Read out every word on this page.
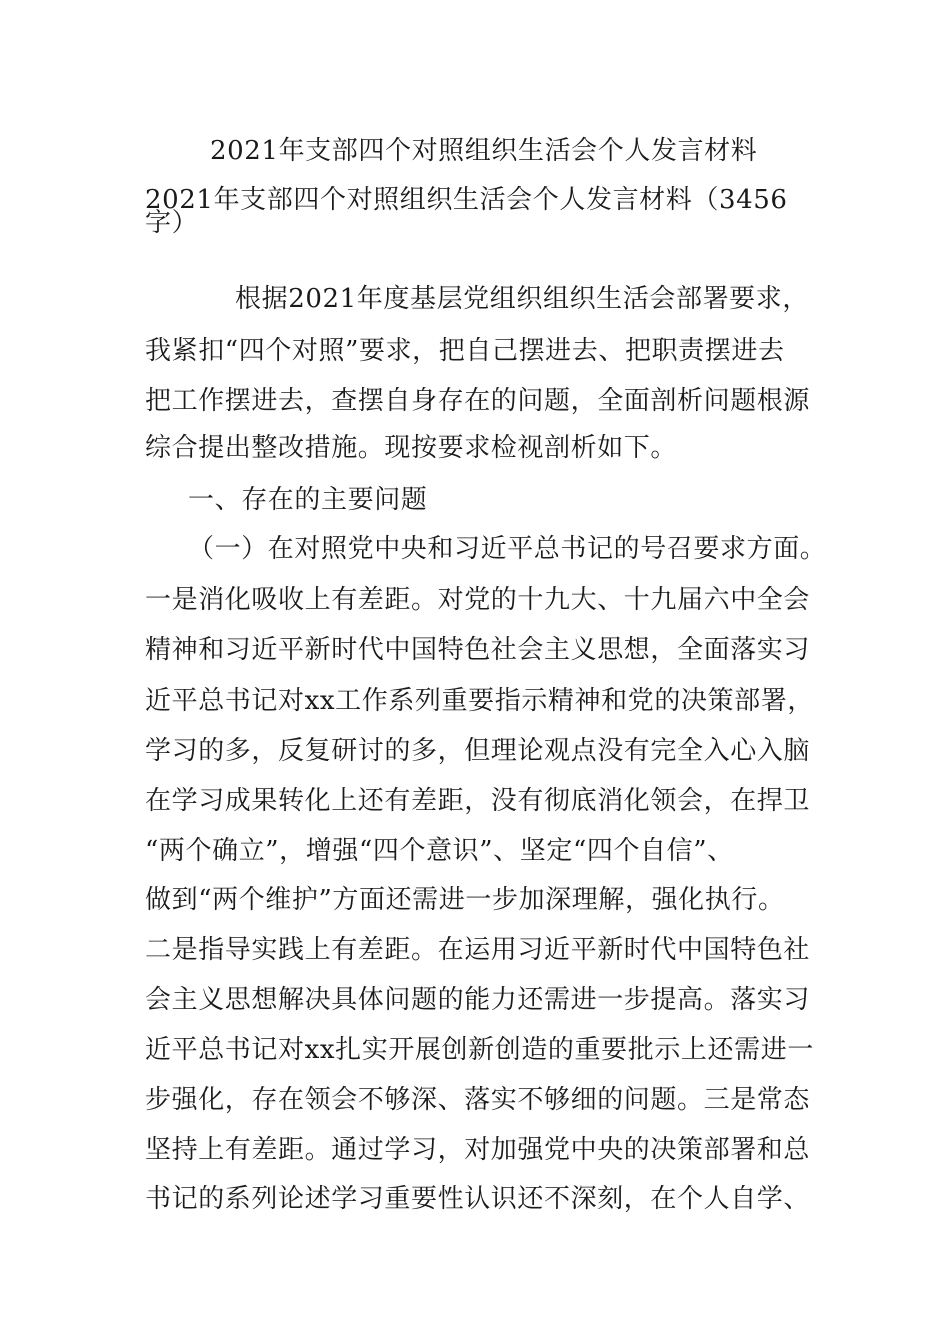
2021年支部四个对照组织生活会个人发言材料
2021年支部四个对照组织生活会个人发言材料（3456
字）
根据2021年度基层党组织组织生活会部署要求，
我紧扣“四个对照”要求，把自己摆进去、把职责摆进去
把工作摆进去，查摆自身存在的问题，全面剖析问题根源
综合提出整改措施。现按要求检视剖析如下。
一、存在的主要问题
（一）在对照党中央和习近平总书记的号召要求方面。
一是消化吸收上有差距。对党的十九大、十九届六中全会
精神和习近平新时代中国特色社会主义思想，全面落实习
近平总书记对xx工作系列重要指示精神和党的决策部署，
学习的多，反复研讨的多，但理论观点没有完全入心入脑
在学习成果转化上还有差距，没有彻底消化领会，在捍卫
“两个确立”，增强“四个意识”、坚定“四个自信”、
做到“两个维护”方面还需进一步加深理解，强化执行。
二是指导实践上有差距。在运用习近平新时代中国特色社
会主义思想解决具体问题的能力还需进一步提高。落实习
近平总书记对xx扎实开展创新创造的重要批示上还需进一
步强化，存在领会不够深、落实不够细的问题。三是常态
坚持上有差距。通过学习，对加强党中央的决策部署和总
书记的系列论述学习重要性认识还不深刻，在个人自学、
